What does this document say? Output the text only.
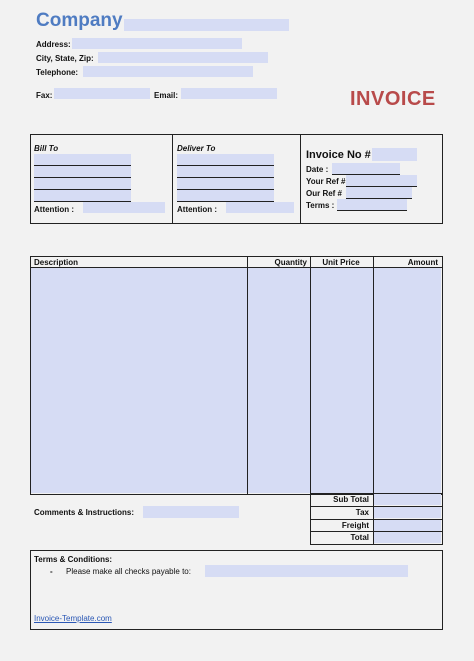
Company
Address:
City, State, Zip:
Telephone:
Fax:	Email:	INVOICE
Bill To
Attention :
Deliver To
Attention :
Invoice No #
Date :
Your Ref #
Our Ref #
Terms :
Description	Quantity	Unit Price	Amount
Sub Total
Tax
Freight
Total
Comments & Instructions:
Terms & Conditions:
- Please make all checks payable to:
Invoice-Template.com
